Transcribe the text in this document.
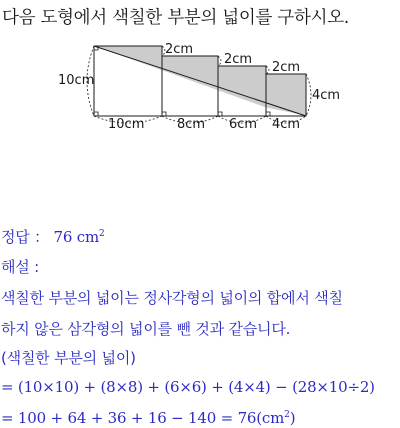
다음 도형에서 색칠한 부분의 넓이를 구하시오.

10cm
10cm	8cm 6cm 4cm
2cm
2cm
2cm
4cm
정답 ： 76 $cm^2$
해설 :
색칠한 부분의 넓이는 정사각형의 넓이의 합에서 색칠
하지 않은 삼각형의 넓이를 뺀 것과 같습니다.
(색칠한 부분의 넓이)
= (10×10) + (8×8) + (6×6) + (4×4) − (28×10÷2)
= $100 + 64 + 36 + 16 - 140 = 76(cm^2)$
